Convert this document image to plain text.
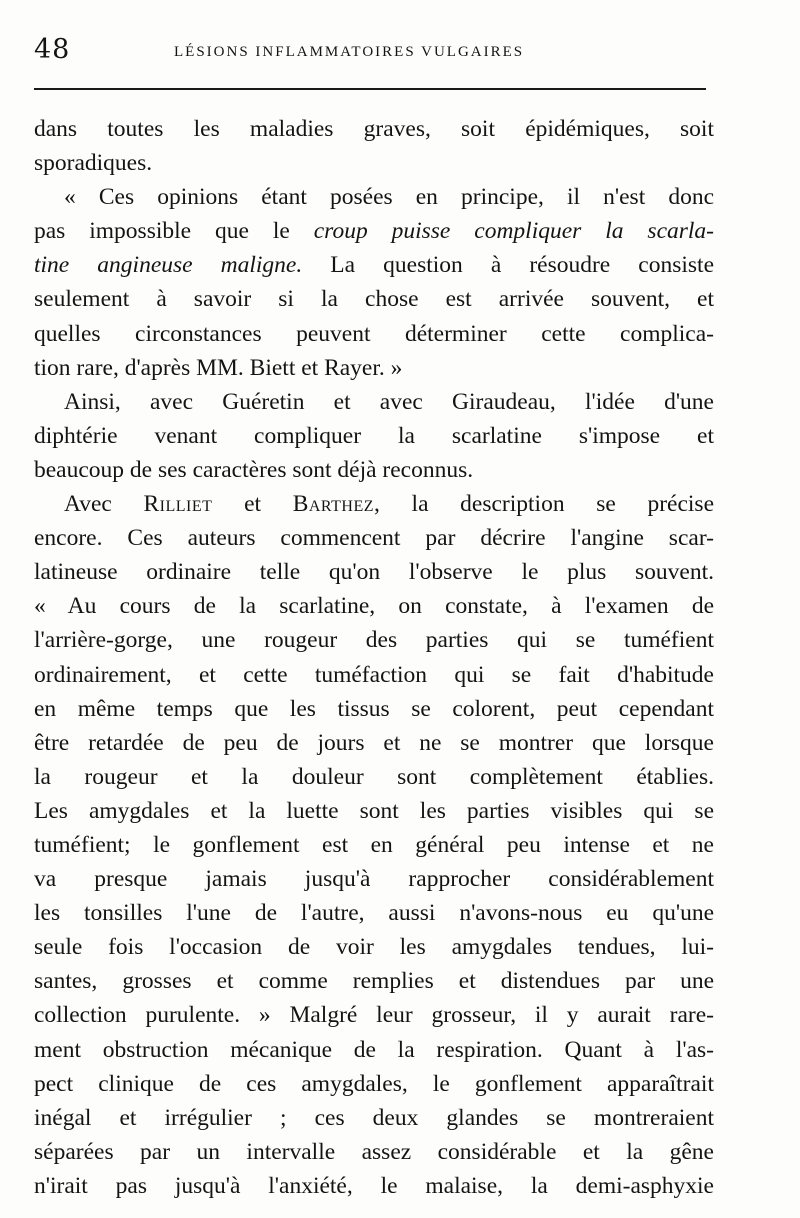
48	LÉSIONS INFLAMMATOIRES VULGAIRES
dans toutes les maladies graves, soit épidémiques, soit
sporadiques.
« Ces opinions étant posées en principe, il n'est donc
pas impossible que le croup puisse compliquer la scarla-
tine angineuse maligne. La question à résoudre consiste
seulement à savoir si la chose est arrivée souvent, et
quelles circonstances peuvent déterminer cette complica-
tion rare, d'après MM. Biett et Rayer. »
Ainsi, avec Guéretin et avec Giraudeau, l'idée d'une
diphtérie venant compliquer la scarlatine s'impose et
beaucoup de ses caractères sont déjà reconnus.
Avec Rilliet et Barthez, la description se précise
encore. Ces auteurs commencent par décrire l'angine scar-
latineuse ordinaire telle qu'on l'observe le plus souvent.
« Au cours de la scarlatine, on constate, à l'examen de
l'arrière-gorge, une rougeur des parties qui se tuméfient
ordinairement, et cette tuméfaction qui se fait d'habitude
en même temps que les tissus se colorent, peut cependant
être retardée de peu de jours et ne se montrer que lorsque
la rougeur et la douleur sont complètement établies.
Les amygdales et la luette sont les parties visibles qui se
tuméfient; le gonflement est en général peu intense et ne
va presque jamais jusqu'à rapprocher considérablement
les tonsilles l'une de l'autre, aussi n'avons-nous eu qu'une
seule fois l'occasion de voir les amygdales tendues, lui-
santes, grosses et comme remplies et distendues par une
collection purulente. » Malgré leur grosseur, il y aurait rare-
ment obstruction mécanique de la respiration. Quant à l'as-
pect clinique de ces amygdales, le gonflement apparaîtrait
inégal et irrégulier ; ces deux glandes se montreraient
séparées par un intervalle assez considérable et la gêne
n'irait pas jusqu'à l'anxiété, le malaise, la demi-asphyxie
